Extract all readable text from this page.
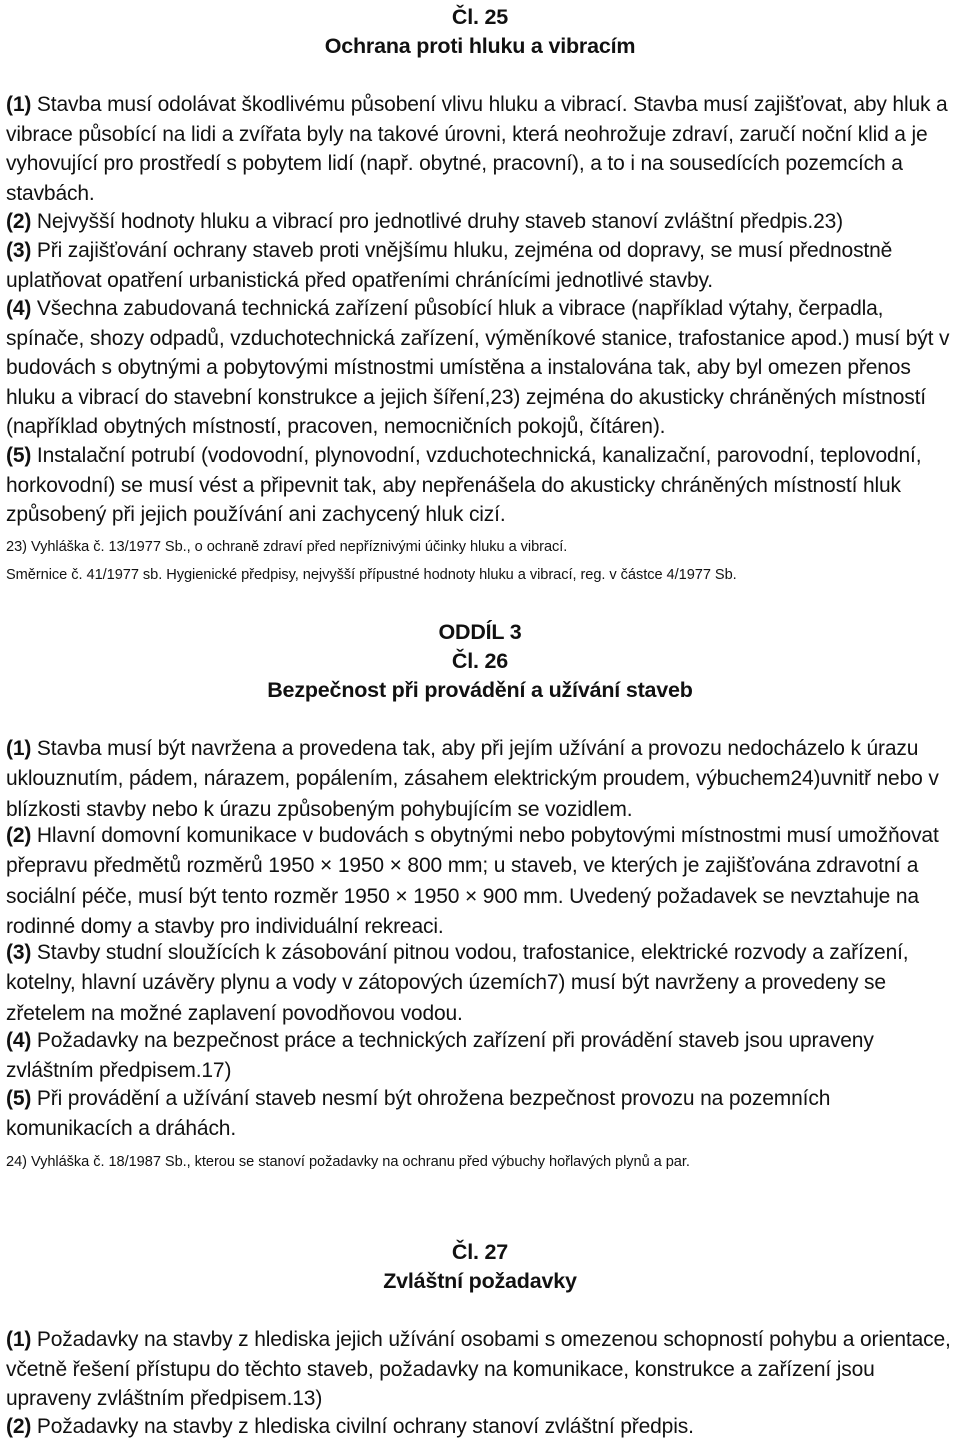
Čl. 25
Ochrana proti hluku a vibracím
(1) Stavba musí odolávat škodlivému působení vlivu hluku a vibrací. Stavba musí zajišťovat, aby hluk a vibrace působící na lidi a zvířata byly na takové úrovni, která neohrožuje zdraví, zaručí noční klid a je vyhovující pro prostředí s pobytem lidí (např. obytné, pracovní), a to i na sousedících pozemcích a stavbách.
(2) Nejvyšší hodnoty hluku a vibrací pro jednotlivé druhy staveb stanoví zvláštní předpis.23)
(3) Při zajišťování ochrany staveb proti vnějšímu hluku, zejména od dopravy, se musí přednostně uplatňovat opatření urbanistická před opatřeními chránícími jednotlivé stavby.
(4) Všechna zabudovaná technická zařízení působící hluk a vibrace (například výtahy, čerpadla, spínače, shozy odpadů, vzduchotechnická zařízení, výměníkové stanice, trafostanice apod.) musí být v budovách s obytnými a pobytovými místnostmi umístěna a instalována tak, aby byl omezen přenos hluku a vibrací do stavební konstrukce a jejich šíření,23) zejména do akusticky chráněných místností (například obytných místností, pracoven, nemocničních pokojů, čítáren).
(5) Instalační potrubí (vodovodní, plynovodní, vzduchotechnická, kanalizační, parovodní, teplovodní, horkovodní) se musí vést a připevnit tak, aby nepřenášela do akusticky chráněných místností hluk způsobený při jejich používání ani zachycený hluk cizí.
23) Vyhláška č. 13/1977 Sb., o ochraně zdraví před nepříznivými účinky hluku a vibrací.
Směrnice č. 41/1977 sb. Hygienické předpisy, nejvyšší přípustné hodnoty hluku a vibrací, reg. v částce 4/1977 Sb.
ODDÍL 3
Čl. 26
Bezpečnost při provádění a užívání staveb
(1) Stavba musí být navržena a provedena tak, aby při jejím užívání a provozu nedocházelo k úrazu uklouznutím, pádem, nárazem, popálením, zásahem elektrickým proudem, výbuchem24)uvnitř nebo v blízkosti stavby nebo k úrazu způsobeným pohybujícím se vozidlem.
(2) Hlavní domovní komunikace v budovách s obytnými nebo pobytovými místnostmi musí umožňovat přepravu předmětů rozměrů 1950 × 1950 × 800 mm; u staveb, ve kterých je zajišťována zdravotní a sociální péče, musí být tento rozměr 1950 × 1950 × 900 mm. Uvedený požadavek se nevztahuje na rodinné domy a stavby pro individuální rekreaci.
(3) Stavby studní sloužících k zásobování pitnou vodou, trafostanice, elektrické rozvody a zařízení, kotelny, hlavní uzávěry plynu a vody v zátopových územích7) musí být navrženy a provedeny se zřetelem na možné zaplavení povodňovou vodou.
(4) Požadavky na bezpečnost práce a technických zařízení při provádění staveb jsou upraveny zvláštním předpisem.17)
(5) Při provádění a užívání staveb nesmí být ohrožena bezpečnost provozu na pozemních komunikacích a dráhách.
24) Vyhláška č. 18/1987 Sb., kterou se stanoví požadavky na ochranu před výbuchy hořlavých plynů a par.
Čl. 27
Zvláštní požadavky
(1) Požadavky na stavby z hlediska jejich užívání osobami s omezenou schopností pohybu a orientace, včetně řešení přístupu do těchto staveb, požadavky na komunikace, konstrukce a zařízení jsou upraveny zvláštním předpisem.13)
(2) Požadavky na stavby z hlediska civilní ochrany stanoví zvláštní předpis.
